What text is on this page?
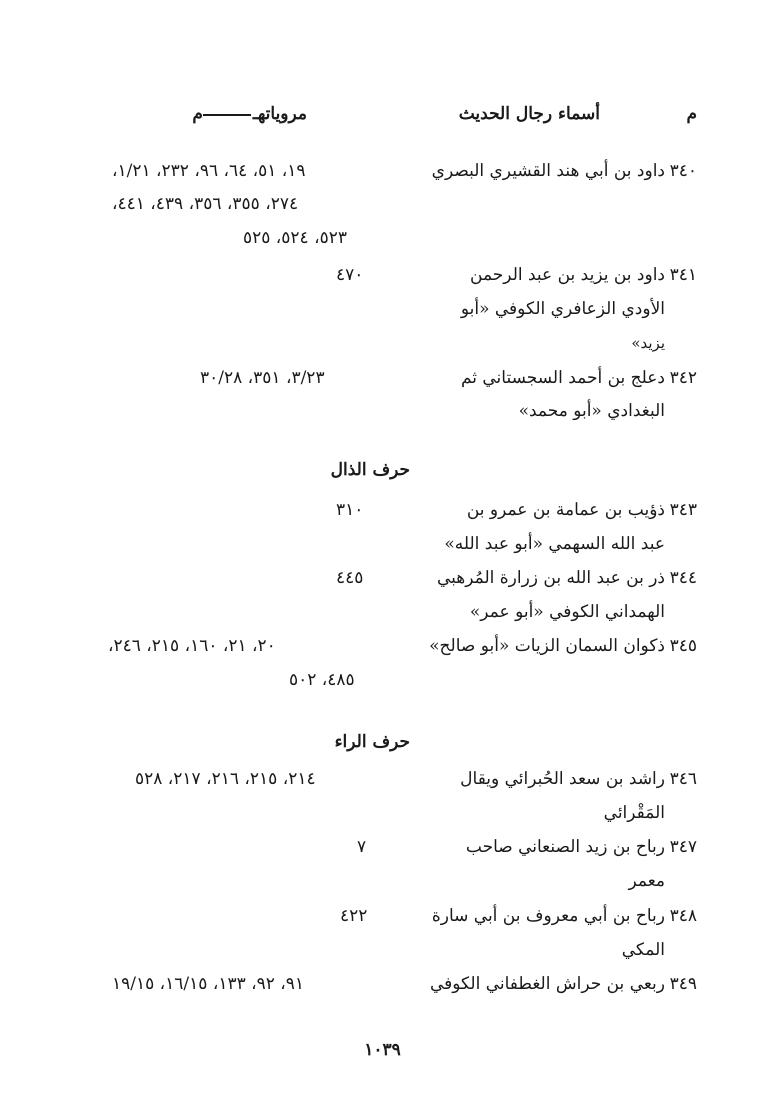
م
أسماء رجال الحديث
مروياتهـم
٣٤٠
داود بن أبي هند القشيري البصري
١٩، ٥١، ٦٤، ٩٦، ٢٣٢، ١/٢١،
٢٧٤، ٣٥٥، ٣٥٦، ٤٣٩، ٤٤١،
٥٢٣، ٥٢٤، ٥٢٥
٣٤١
داود بن يزيد بن عبد الرحمن
الأودي الزعافري الكوفي «أبو
يزيد»
٤٧٠
٣٤٢
دعلج بن أحمد السجستاني ثم
البغدادي «أبو محمد»
٣/٢٣، ٣٥١، ٣٠/٢٨
حرف الذال
٣٤٣
ذؤيب بن عمامة بن عمرو بن
عبد الله السهمي «أبو عبد الله»
٣١٠
٣٤٤
ذر بن عبد الله بن زرارة المُرهبي
الهمداني الكوفي «أبو عمر»
٤٤٥
٣٤٥
ذكوان السمان الزيات «أبو صالح»
٢٠، ٢١، ١٦٠، ٢١٥، ٢٤٦،
٤٨٥، ٥٠٢
حرف الراء
٣٤٦
راشد بن سعد الحُبرائي ويقال
المَقْرائي
٢١٤، ٢١٥، ٢١٦، ٢١٧، ٥٢٨
٣٤٧
رباح بن زيد الصنعاني صاحب
معمر
٧
٣٤٨
رباح بن أبي معروف بن أبي سارة
المكي
٤٢٢
٣٤٩
ربعي بن حراش الغطفاني الكوفي
٩١، ٩٢، ١٣٣، ١٦/١٥، ١٩/١٥
١٠٣٩
